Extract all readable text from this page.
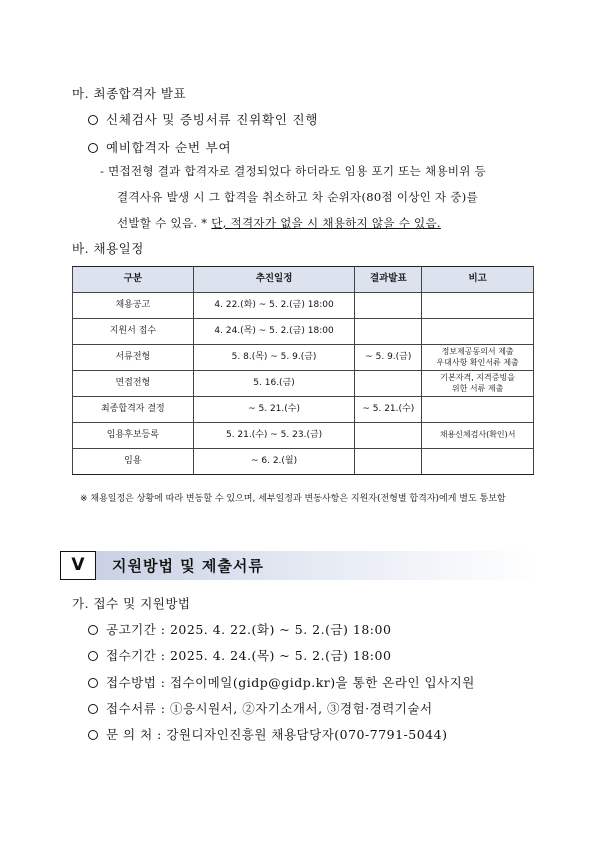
마. 최종합격자 발표
신체검사 및 증빙서류 진위확인 진행
예비합격자 순번 부여
- 면접전형 결과 합격자로 결정되었다 하더라도 임용 포기 또는 채용비위 등
결격사유 발생 시 그 합격을 취소하고 차 순위자(80점 이상인 자 중)를
선발할 수 있음. * 단, 적격자가 없을 시 채용하지 않을 수 있음.
바. 채용일정
구분	추진일정	결과발표	비고
채용공고	4. 22.(화) ~ 5. 2.(금) 18:00		
지원서 접수	4. 24.(목) ~ 5. 2.(금) 18:00		
서류전형	5. 8.(목) ~ 5. 9.(금)	~ 5. 9.(금)	정보제공동의서 제출
우대사항 확인서류 제출
면접전형	5. 16.(금)		기본자격, 지격증빙을
위한 서류 제출
최종합격자 결정	~ 5. 21.(수)	~ 5. 21.(수)	
임용후보등록	5. 21.(수) ~ 5. 23.(금)		채용신체검사(확인)서
임용	~ 6. 2.(월)		
※ 채용일정은 상황에 따라 변동할 수 있으며, 세부일정과 변동사항은 지원자(전형별 합격자)에게 별도 통보함
V	지원방법 및 제출서류
가. 접수 및 지원방법
공고기간 : 2025. 4. 22.(화) ~ 5. 2.(금) 18:00
접수기간 : 2025. 4. 24.(목) ~ 5. 2.(금) 18:00
접수방법 : 접수이메일(gidp@gidp.kr)을 통한 온라인 입사지원
접수서류 : ①응시원서, ②자기소개서, ③경험·경력기술서
문 의 처 : 강원디자인진흥원 채용담당자(070-7791-5044)
